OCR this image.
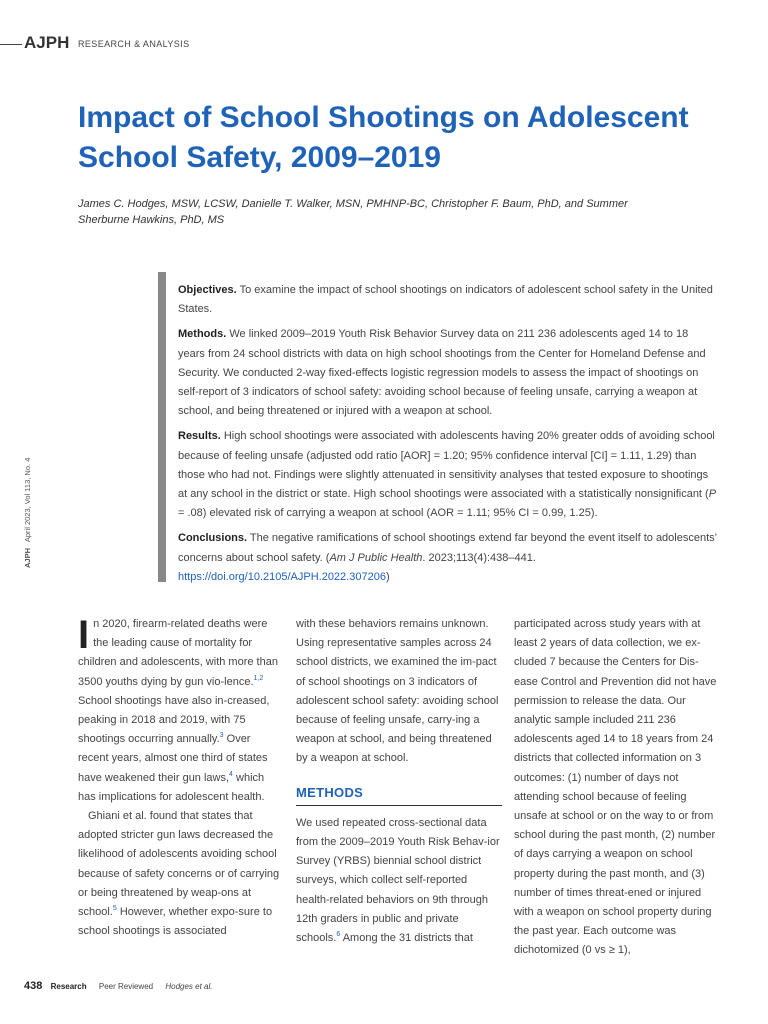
AJPH RESEARCH & ANALYSIS
Impact of School Shootings on Adolescent School Safety, 2009–2019
James C. Hodges, MSW, LCSW, Danielle T. Walker, MSN, PMHNP-BC, Christopher F. Baum, PhD, and Summer Sherburne Hawkins, PhD, MS
AJPH   April 2023, Vol 113, No. 4

Objectives. To examine the impact of school shootings on indicators of adolescent school safety in the United States.

Methods. We linked 2009–2019 Youth Risk Behavior Survey data on 211 236 adolescents aged 14 to 18 years from 24 school districts with data on high school shootings from the Center for Homeland Defense and Security. We conducted 2-way fixed-effects logistic regression models to assess the impact of shootings on self-report of 3 indicators of school safety: avoiding school because of feeling unsafe, carrying a weapon at school, and being threatened or injured with a weapon at school.

Results. High school shootings were associated with adolescents having 20% greater odds of avoiding school because of feeling unsafe (adjusted odd ratio [AOR] = 1.20; 95% confidence interval [CI] = 1.11, 1.29) than those who had not. Findings were slightly attenuated in sensitivity analyses that tested exposure to shootings at any school in the district or state. High school shootings were associated with a statistically nonsignificant (P = .08) elevated risk of carrying a weapon at school (AOR = 1.11; 95% CI = 0.99, 1.25).

Conclusions. The negative ramifications of school shootings extend far beyond the event itself to adolescents’ concerns about school safety. (Am J Public Health. 2023;113(4):438–441. https://doi.org/10.2105/AJPH.2022.307206)

In 2020, firearm-related deaths were the leading cause of mortality for children and adolescents, with more than 3500 youths dying by gun vio-lence.$^{1,2}$ School shootings have also in-creased, peaking in 2018 and 2019, with 75 shootings occurring annually.$^3$ Over recent years, almost one third of states have weakened their gun laws,$^4$ which has implications for adolescent health.

Ghiani et al. found that states that adopted stricter gun laws decreased the likelihood of adolescents avoiding school because of safety concerns or of carrying or being threatened by weap-ons at school.$^5$ However, whether expo-sure to school shootings is associated

with these behaviors remains unknown. Using representative samples across 24 school districts, we examined the im-pact of school shootings on 3 indicators of adolescent school safety: avoiding school because of feeling unsafe, carry-ing a weapon at school, and being threatened by a weapon at school.

METHODS

We used repeated cross-sectional data from the 2009–2019 Youth Risk Behav-ior Survey (YRBS) biennial school district surveys, which collect self-reported health-related behaviors on 9th through 12th graders in public and private schools.$^6$ Among the 31 districts that

participated across study years with at least 2 years of data collection, we ex-cluded 7 because the Centers for Dis-ease Control and Prevention did not have permission to release the data. Our analytic sample included 211 236 adolescents aged 14 to 18 years from 24 districts that collected information on 3 outcomes: (1) number of days not attending school because of feeling unsafe at school or on the way to or from school during the past month, (2) number of days carrying a weapon on school property during the past month, and (3) number of times threat-ened or injured with a weapon on school property during the past year. Each outcome was dichotomized (0 vs ≥ 1),

438 Research Peer Reviewed Hodges et al.
